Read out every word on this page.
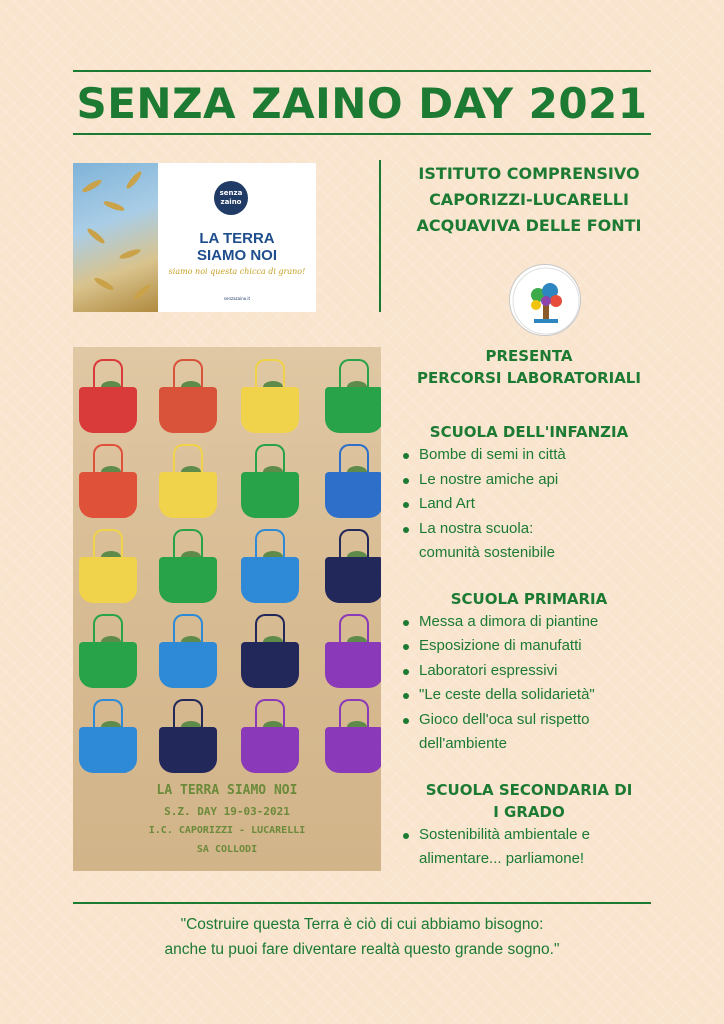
SENZA ZAINO DAY 2021
senza zaino
LA TERRA
SIAMO NOI
siamo noi questa chicca di grano!
senzazaino.it
ISTITUTO COMPRENSIVO
CAPORIZZI-LUCARELLI
ACQUAVIVA DELLE FONTI
LA TERRA SIAMO NOI
S.Z. DAY 19-03-2021
I.C. CAPORIZZI - LUCARELLI
SA COLLODI
PRESENTA
PERCORSI LABORATORIALI
SCUOLA DELL'INFANZIA
Bombe di semi in città
Le nostre amiche api
Land Art
La nostra scuola:
comunità sostenibile
SCUOLA PRIMARIA
Messa a dimora di piantine
Esposizione di manufatti
Laboratori espressivi
"Le ceste della solidarietà"
Gioco dell'oca sul rispetto
dell'ambiente
SCUOLA SECONDARIA DI
I GRADO
Sostenibilità ambientale e
alimentare... parliamone!
"Costruire questa Terra è ciò di cui abbiamo bisogno:
anche tu puoi fare diventare realtà questo grande sogno."
